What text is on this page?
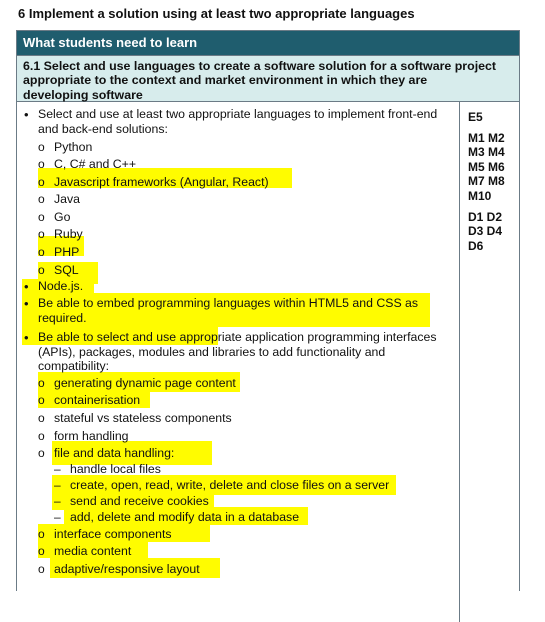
6 Implement a solution using at least two appropriate languages
What students need to learn
6.1 Select and use languages to create a software solution for a software project
appropriate to the context and market environment in which they are
developing software
E5
M1 M2
M3 M4
M5 M6
M7 M8
M10
D1 D2
D3 D4
D6
•
o
o
o
o
o
o
o
o
•
•
•
o
o
o
o
o
–
–
–
–
o
o
o
Select and use at least two appropriate languages to implement front-end
and back-end solutions:
Python
C, C# and C++
Javascript frameworks (Angular, React)
Java
Go
Ruby
PHP
SQL
Node.js.
Be able to embed programming languages within HTML5 and CSS as
required.
Be able to select and use appropriate application programming interfaces
(APIs), packages, modules and libraries to add functionality and
compatibility:
generating dynamic page content
containerisation
stateful vs stateless components
form handling
file and data handling:
handle local files
create, open, read, write, delete and close files on a server
send and receive cookies
add, delete and modify data in a database
interface components
media content
adaptive/responsive layout
